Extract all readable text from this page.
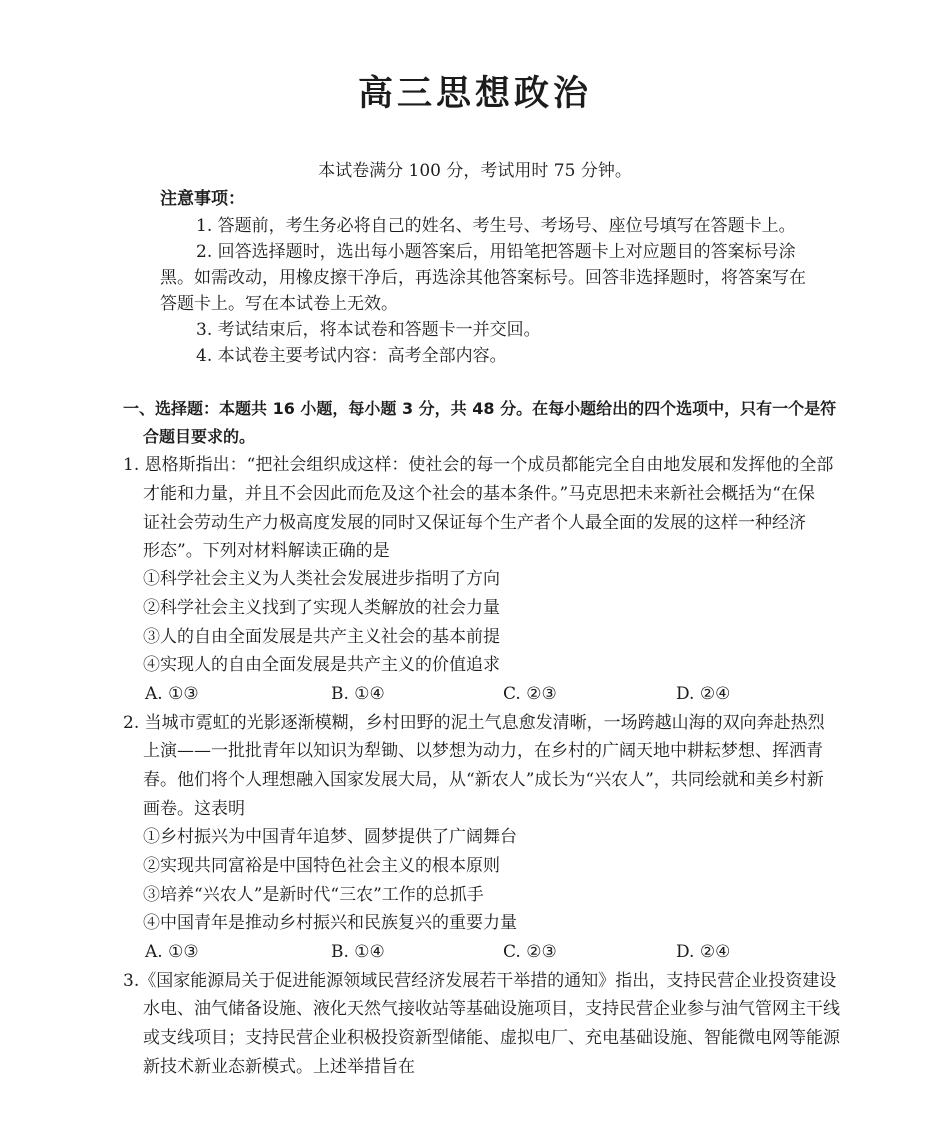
高三思想政治
本试卷满分 100 分，考试用时 75 分钟。
注意事项：
1. 答题前，考生务必将自己的姓名、考生号、考场号、座位号填写在答题卡上。
2. 回答选择题时，选出每小题答案后，用铅笔把答题卡上对应题目的答案标号涂
黑。如需改动，用橡皮擦干净后，再选涂其他答案标号。回答非选择题时，将答案写在
答题卡上。写在本试卷上无效。
3. 考试结束后，将本试卷和答题卡一并交回。
4. 本试卷主要考试内容：高考全部内容。
一、选择题：本题共 16 小题，每小题 3 分，共 48 分。在每小题给出的四个选项中，只有一个是符
合题目要求的。
1. 恩格斯指出：“把社会组织成这样：使社会的每一个成员都能完全自由地发展和发挥他的全部
才能和力量，并且不会因此而危及这个社会的基本条件。”马克思把未来新社会概括为“在保
证社会劳动生产力极高度发展的同时又保证每个生产者个人最全面的发展的这样一种经济
形态”。下列对材料解读正确的是
①科学社会主义为人类社会发展进步指明了方向
②科学社会主义找到了实现人类解放的社会力量
③人的自由全面发展是共产主义社会的基本前提
④实现人的自由全面发展是共产主义的价值追求
A. ①③	B. ①④	C. ②③	D. ②④
2. 当城市霓虹的光影逐渐模糊，乡村田野的泥土气息愈发清晰，一场跨越山海的双向奔赴热烈
上演——一批批青年以知识为犁锄、以梦想为动力，在乡村的广阔天地中耕耘梦想、挥洒青
春。他们将个人理想融入国家发展大局，从“新农人”成长为“兴农人”，共同绘就和美乡村新
画卷。这表明
①乡村振兴为中国青年追梦、圆梦提供了广阔舞台
②实现共同富裕是中国特色社会主义的根本原则
③培养“兴农人”是新时代“三农”工作的总抓手
④中国青年是推动乡村振兴和民族复兴的重要力量
A. ①③	B. ①④	C. ②③	D. ②④
3.《国家能源局关于促进能源领域民营经济发展若干举措的通知》指出，支持民营企业投资建设
水电、油气储备设施、液化天然气接收站等基础设施项目，支持民营企业参与油气管网主干线
或支线项目；支持民营企业积极投资新型储能、虚拟电厂、充电基础设施、智能微电网等能源
新技术新业态新模式。上述举措旨在
